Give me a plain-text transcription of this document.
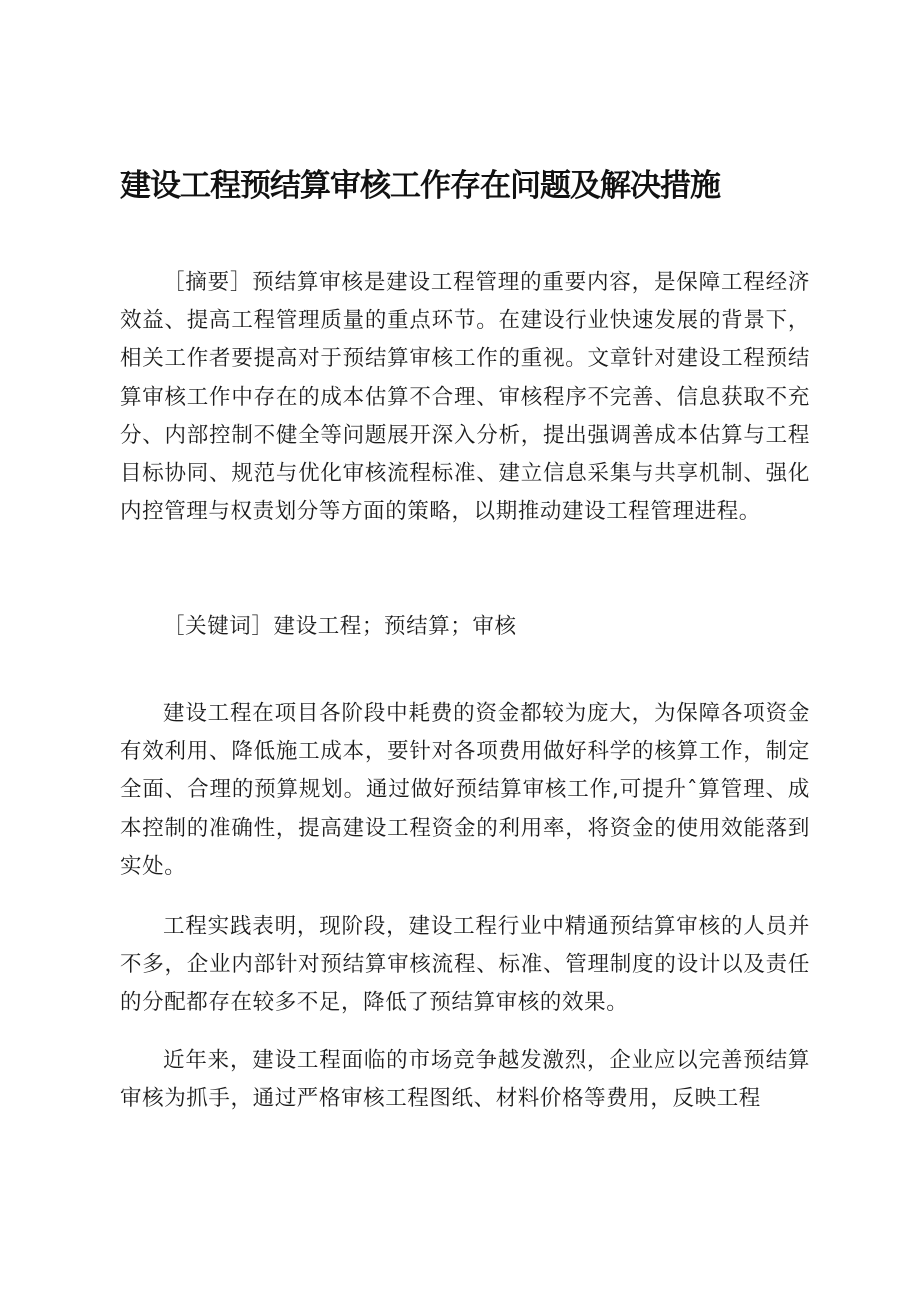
建设工程预结算审核工作存在问题及解决措施

［摘要］预结算审核是建设工程管理的重要内容，是保障工程经济效益、提高工程管理质量的重点环节。在建设行业快速发展的背景下，相关工作者要提高对于预结算审核工作的重视。文章针对建设工程预结算审核工作中存在的成本估算不合理、审核程序不完善、信息获取不充分、内部控制不健全等问题展开深入分析，提出强调善成本估算与工程目标协同、规范与优化审核流程标准、建立信息采集与共享机制、强化内控管理与权责划分等方面的策略，以期推动建设工程管理进程。

［关键词］建设工程；预结算；审核

建设工程在项目各阶段中耗费的资金都较为庞大，为保障各项资金有效利用、降低施工成本，要针对各项费用做好科学的核算工作，制定全面、合理的预算规划。通过做好预结算审核工作,可提升ˆ算管理、成本控制的准确性，提高建设工程资金的利用率，将资金的使用效能落到实处。

工程实践表明，现阶段，建设工程行业中精通预结算审核的人员并不多，企业内部针对预结算审核流程、标准、管理制度的设计以及责任的分配都存在较多不足，降低了预结算审核的效果。

近年来，建设工程面临的市场竞争越发激烈，企业应以完善预结算审核为抓手，通过严格审核工程图纸、材料价格等费用，反映工程
